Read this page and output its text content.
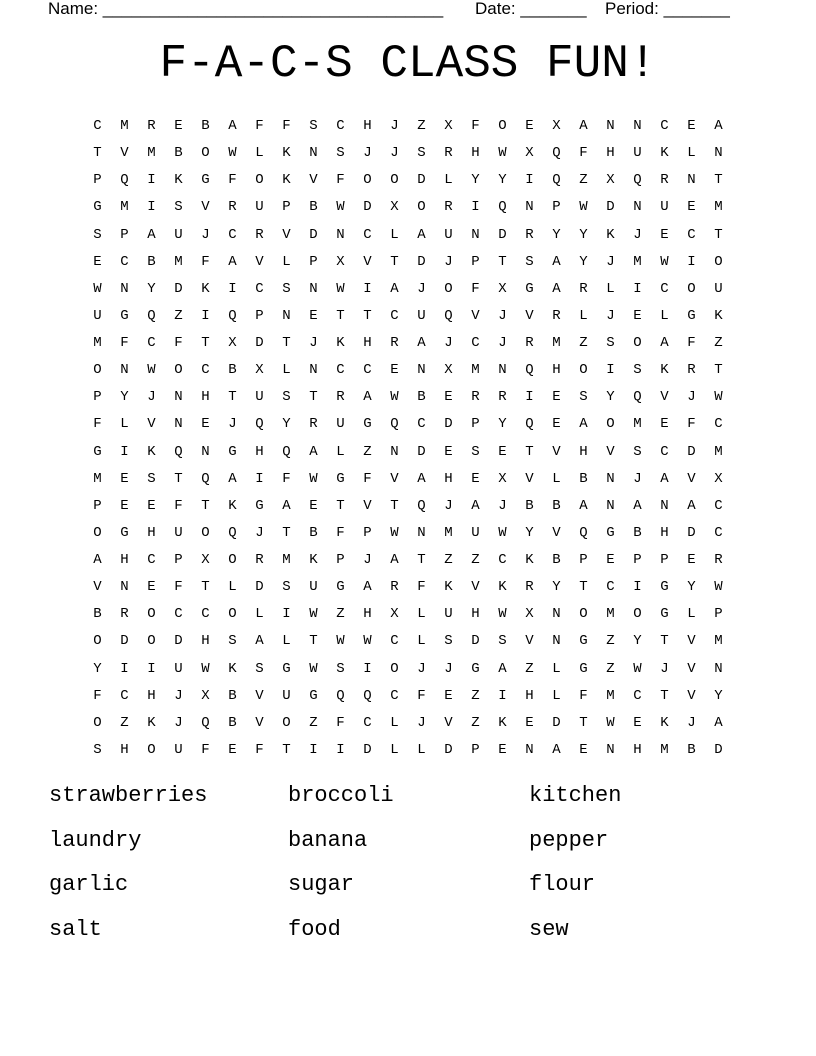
Name: ____________________________________ Date: _______ Period: _______
F-A-C-S CLASS FUN!
C	M	R	E	B	A	F	F	S	C	H	J	Z	X	F	O	E	X	A	N	N	C	E	A
T	V	M	B	O	W	L	K	N	S	J	J	S	R	H	W	X	Q	F	H	U	K	L	N
P	Q	I	K	G	F	O	K	V	F	O	O	D	L	Y	Y	I	Q	Z	X	Q	R	N	T
G	M	I	S	V	R	U	P	B	W	D	X	O	R	I	Q	N	P	W	D	N	U	E	M
S	P	A	U	J	C	R	V	D	N	C	L	A	U	N	D	R	Y	Y	K	J	E	C	T
E	C	B	M	F	A	V	L	P	X	V	T	D	J	P	T	S	A	Y	J	M	W	I	O
W	N	Y	D	K	I	C	S	N	W	I	A	J	O	F	X	G	A	R	L	I	C	O	U
U	G	Q	Z	I	Q	P	N	E	T	T	C	U	Q	V	J	V	R	L	J	E	L	G	K
M	F	C	F	T	X	D	T	J	K	H	R	A	J	C	J	R	M	Z	S	O	A	F	Z
O	N	W	O	C	B	X	L	N	C	C	E	N	X	M	N	Q	H	O	I	S	K	R	T
P	Y	J	N	H	T	U	S	T	R	A	W	B	E	R	R	I	E	S	Y	Q	V	J	W
F	L	V	N	E	J	Q	Y	R	U	G	Q	C	D	P	Y	Q	E	A	O	M	E	F	C
G	I	K	Q	N	G	H	Q	A	L	Z	N	D	E	S	E	T	V	H	V	S	C	D	M
M	E	S	T	Q	A	I	F	W	G	F	V	A	H	E	X	V	L	B	N	J	A	V	X
P	E	E	F	T	K	G	A	E	T	V	T	Q	J	A	J	B	B	A	N	A	N	A	C
O	G	H	U	O	Q	J	T	B	F	P	W	N	M	U	W	Y	V	Q	G	B	H	D	C
A	H	C	P	X	O	R	M	K	P	J	A	T	Z	Z	C	K	B	P	E	P	P	E	R
V	N	E	F	T	L	D	S	U	G	A	R	F	K	V	K	R	Y	T	C	I	G	Y	W
B	R	O	C	C	O	L	I	W	Z	H	X	L	U	H	W	X	N	O	M	O	G	L	P
O	D	O	D	H	S	A	L	T	W	W	C	L	S	D	S	V	N	G	Z	Y	T	V	M
Y	I	I	U	W	K	S	G	W	S	I	O	J	J	G	A	Z	L	G	Z	W	J	V	N
F	C	H	J	X	B	V	U	G	Q	Q	C	F	E	Z	I	H	L	F	M	C	T	V	Y
O	Z	K	J	Q	B	V	O	Z	F	C	L	J	V	Z	K	E	D	T	W	E	K	J	A
S	H	O	U	F	E	F	T	I	I	D	L	L	D	P	E	N	A	E	N	H	M	B	D
strawberries	broccoli	kitchen
laundry	banana	pepper
garlic	sugar	flour
salt	food	sew
